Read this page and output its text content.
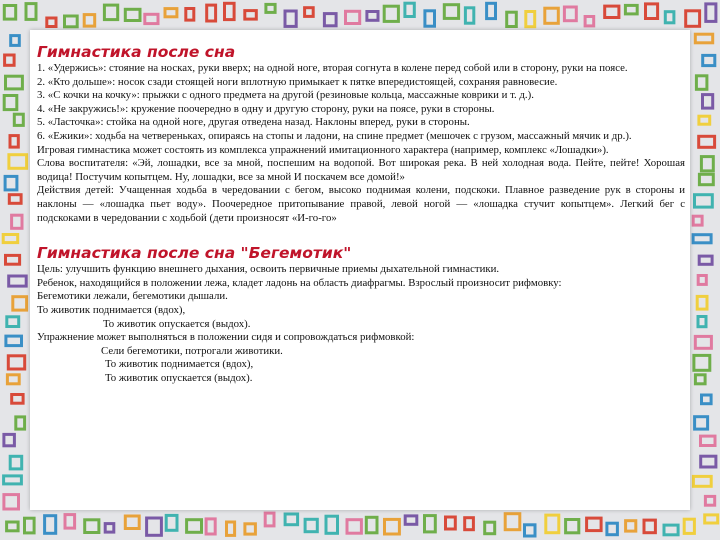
Гимнастика после сна

1. «Удержись»: стояние на носках, руки вверх; на одной ноге, вторая согнута в колене перед собой или в сторону, руки на поясе.

2. «Кто дольше»: носок сзади стоящей ноги вплотную примыкает к пятке впередистоящей, сохраняя равновесие.

3. «С кочки на кочку»: прыжки с одного предмета на другой (резиновые кольца, массажные коврики и т. д.).

4. «Не закружись!»: кружение поочередно в одну и другую сторону, руки на поясе, руки в стороны.

5. «Ласточка»: стойка на одной ноге, другая отведена назад. Наклоны вперед, руки в стороны.

6. «Ежики»: ходьба на четвереньках, опираясь на стопы и ладони, на спине предмет (мешочек с грузом, массажный мячик и др.).

Игровая гимнастика может состоять из комплекса упражнений имитационного характера (например, комплекс «Лошадки»).

Слова воспитателя: «Эй, лошадки, все за мной, поспешим на водопой. Вот широкая река. В ней холодная вода. Пейте, пейте! Хорошая водица! Постучим копытцем. Ну, лошадки, все за мной И поскачем все домой!»

Действия детей: Учащенная ходьба в чередовании с бегом, высоко поднимая колени, подскоки. Плавное разведение рук в стороны и наклоны — «лошадка пьет воду». Поочередное притопывание правой, левой ногой — «лошадка стучит копытцем». Легкий бег с подскоками в чередовании с ходьбой (дети произносят «И-го-го»

Гимнастика после сна "Бегемотик"

Цель: улучшить функцию внешнего дыхания, освоить первичные приемы дыхательной гимнастики.

Ребенок, находящийся в положении лежа, кладет ладонь на область диафрагмы. Взрослый произносит рифмовку:

Бегемотики лежали, бегемотики дышали.

То животик поднимается (вдох),

То животик опускается (выдох).

Упражнение может выполняться в положении сидя и сопровождаться рифмовкой:

Сели бегемотики, потрогали животики.

То животик поднимается (вдох),

То животик опускается (выдох).
